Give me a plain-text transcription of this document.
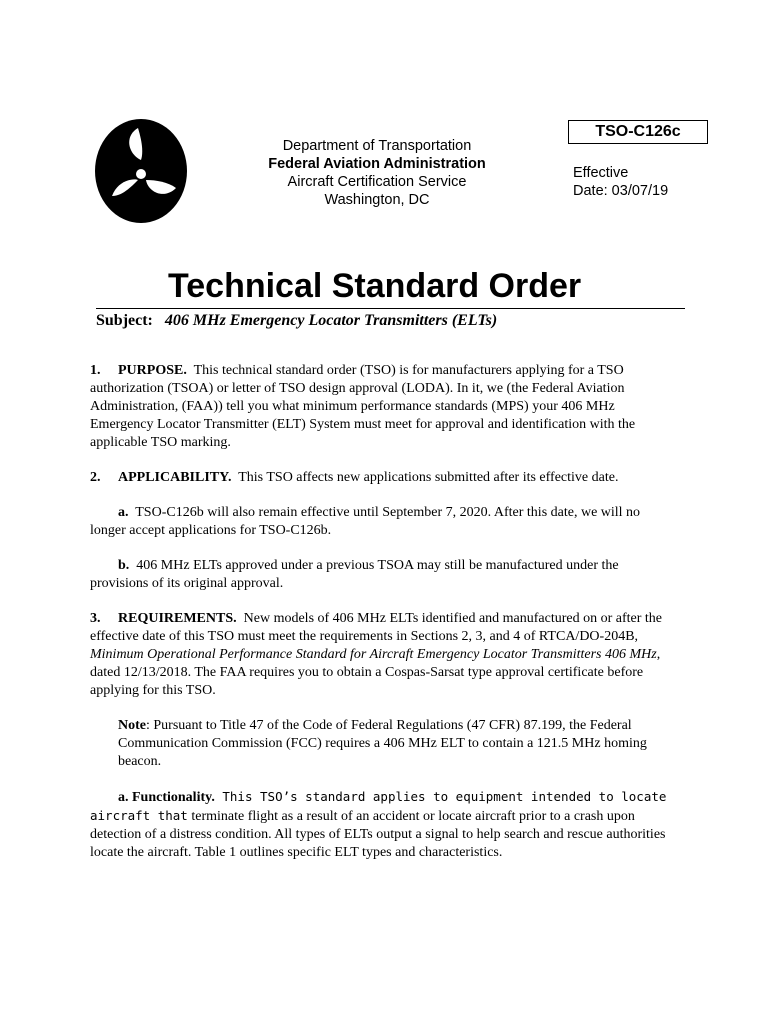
Department of Transportation
Federal Aviation Administration
Aircraft Certification Service
Washington, DC
TSO-C126c
Effective
Date: 03/07/19
Technical Standard Order
Subject: 406 MHz Emergency Locator Transmitters (ELTs)

1. PURPOSE. This technical standard order (TSO) is for manufacturers applying for a TSO authorization (TSOA) or letter of TSO design approval (LODA). In it, we (the Federal Aviation Administration, (FAA)) tell you what minimum performance standards (MPS) your 406 MHz Emergency Locator Transmitter (ELT) System must meet for approval and identification with the applicable TSO marking.

2. APPLICABILITY. This TSO affects new applications submitted after its effective date.

a. TSO-C126b will also remain effective until September 7, 2020. After this date, we will no longer accept applications for TSO-C126b.

b. 406 MHz ELTs approved under a previous TSOA may still be manufactured under the provisions of its original approval.

3. REQUIREMENTS. New models of 406 MHz ELTs identified and manufactured on or after the effective date of this TSO must meet the requirements in Sections 2, 3, and 4 of RTCA/DO-204B, Minimum Operational Performance Standard for Aircraft Emergency Locator Transmitters 406 MHz, dated 12/13/2018. The FAA requires you to obtain a Cospas-Sarsat type approval certificate before applying for this TSO.

Note: Pursuant to Title 47 of the Code of Federal Regulations (47 CFR) 87.199, the Federal Communication Commission (FCC) requires a 406 MHz ELT to contain a 121.5 MHz homing beacon.

a. Functionality. This TSO’s standard applies to equipment intended to locate aircraft that terminate flight as a result of an accident or locate aircraft prior to a crash upon detection of a distress condition. All types of ELTs output a signal to help search and rescue authorities locate the aircraft. Table 1 outlines specific ELT types and characteristics.
